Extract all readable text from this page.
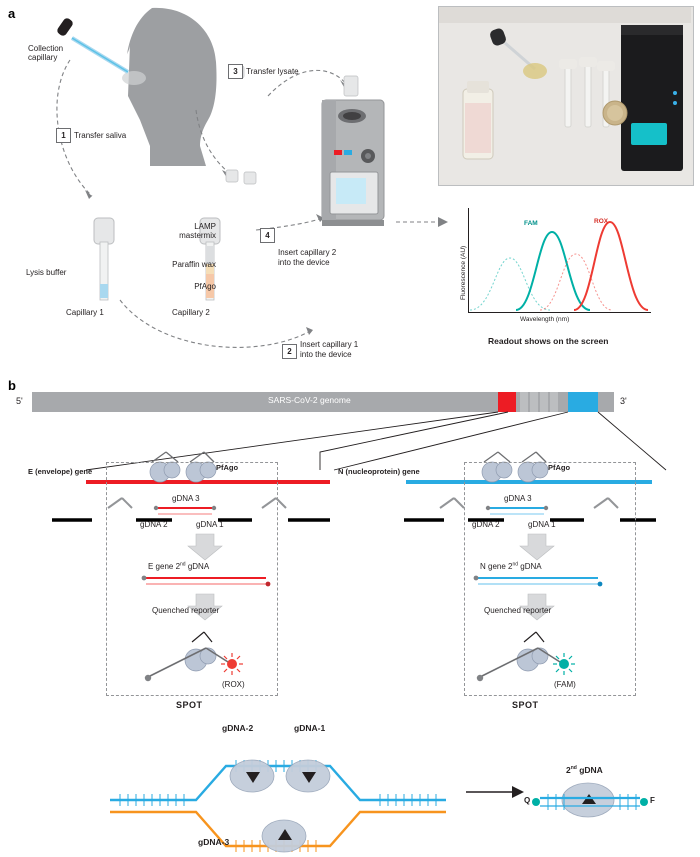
a
Collection
capillary
Lysis buffer
Capillary 1	Capillary 2
LAMP
mastermix
Paraffin wax
PfAgo
1	Transfer saliva
2
Insert capillary 1
into the device
3	Transfer lysate
4
Insert capillary 2
into the device	Fluorescence (AU)
Wavelength (nm)
FAM	ROX
Readout shows on the screen
b
5'	3'
SARS-CoV-2 genome
E (envelope) gene	PfAgo
gDNA 3
gDNA 2	gDNA 1
E gene 2nd gDNA
Quenched reporter
(ROX)
SPOT
N (nucleoprotein) gene	PfAgo
gDNA 3
gDNA 2	gDNA 1
N gene 2nd gDNA
Quenched reporter
(FAM)
SPOT
gDNA-2	gDNA-1
gDNA-3
2nd gDNA
Q	F
